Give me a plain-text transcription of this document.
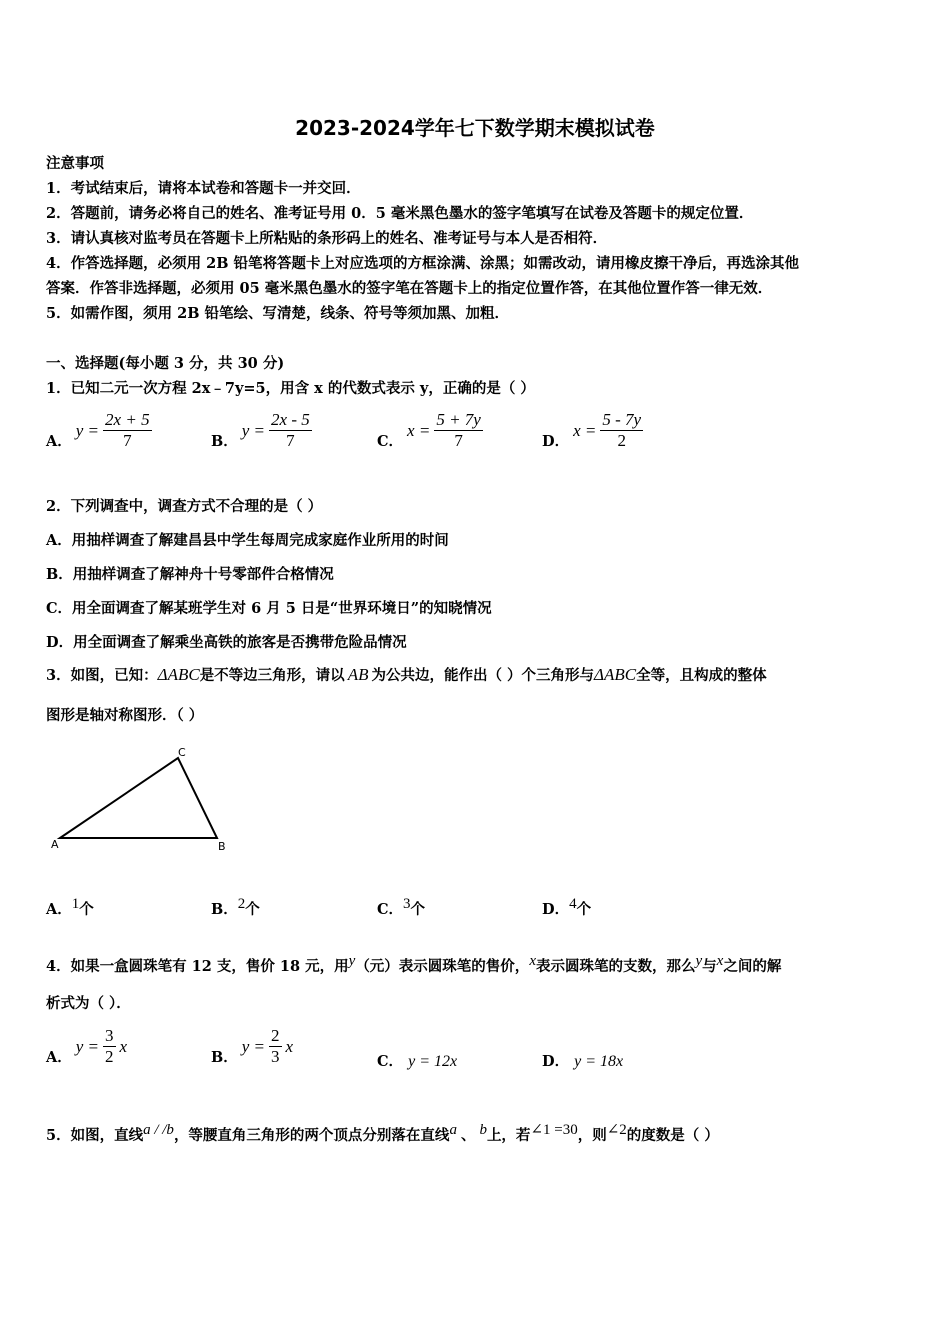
2023-2024学年七下数学期末模拟试卷
注意事项
1．考试结束后，请将本试卷和答题卡一并交回．
2．答题前，请务必将自己的姓名、准考证号用 0．5 毫米黑色墨水的签字笔填写在试卷及答题卡的规定位置．
3．请认真核对监考员在答题卡上所粘贴的条形码上的姓名、准考证号与本人是否相符．
4．作答选择题，必须用 2B 铅笔将答题卡上对应选项的方框涂满、涂黑；如需改动，请用橡皮擦干净后，再选涂其他
答案．作答非选择题，必须用 05 毫米黑色墨水的签字笔在答题卡上的指定位置作答，在其他位置作答一律无效．
5．如需作图，须用 2B 铅笔绘、写清楚，线条、符号等须加黑、加粗．
一、选择题(每小题 3 分，共 30 分)
1．已知二元一次方程 2x﹣7y=5，用含 x 的代数式表示 y，正确的是（ ）
A．
$y = \frac{2x + 5}{7}$	B．
$y = \frac{2x - 5}{7}$	C．
$x = \frac{5 + 7y}{7}$	D．
$x = \frac{5 - 7y}{2}$
2．下列调查中，调查方式不合理的是（ ）
A．用抽样调查了解建昌县中学生每周完成家庭作业所用的时间
B．用抽样调查了解神舟十号零部件合格情况
C．用全面调查了解某班学生对 6 月 5 日是“世界环境日”的知晓情况
D．用全面调查了解乘坐高铁的旅客是否携带危险品情况
3．如图，已知：ΔABC是不等边三角形，请以 AB 为公共边，能作出（ ）个三角形与ΔABC全等，且构成的整体
图形是轴对称图形．（ ）
A	B
C
A．$^1$个	B．$^2$个	C．$^3$个	D．$^4$个
4．如果一盒圆珠笔有 12 支，售价 18 元，用$^y$（元）表示圆珠笔的售价，$^x$表示圆珠笔的支数，那么$^y$与$^x$之间的解
析式为（ ）．
A．
$y = \frac{3}{2}$ x
B．
$y = \frac{2}{3}$ x
C． y = 12x	D． y = 18x
5．如图，直线$^{a / /b}$，等腰直角三角形的两个顶点分别落在直线$^a$ 、 $^b$上，若$^{\angle 1 =30}$，则$^{\angle 2}$的度数是（ ）
